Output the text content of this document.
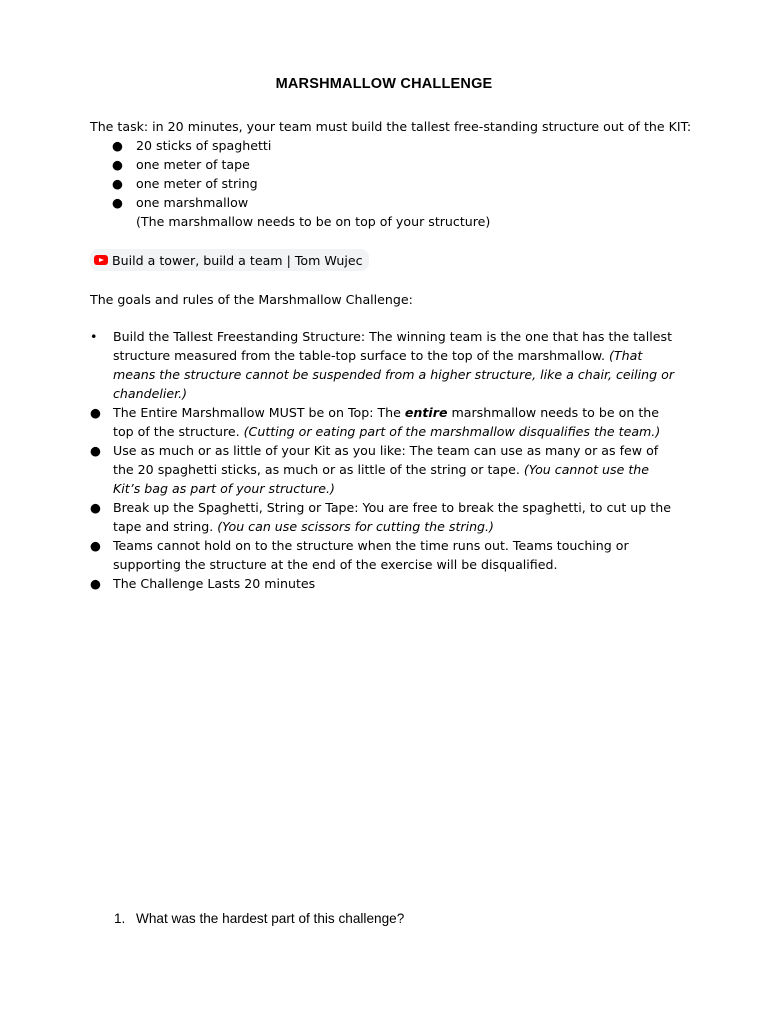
MARSHMALLOW CHALLENGE
The task: in 20 minutes, your team must build the tallest free-standing structure out of the KIT:
● 20 sticks of spaghetti
● one meter of tape
● one meter of string
● one marshmallow
(The marshmallow needs to be on top of your structure)
Build a tower, build a team | Tom Wujec
The goals and rules of the Marshmallow Challenge:
• Build the Tallest Freestanding Structure: The winning team is the one that has the tallest structure measured from the table-top surface to the top of the marshmallow. (That means the structure cannot be suspended from a higher structure, like a chair, ceiling or chandelier.)
● The Entire Marshmallow MUST be on Top: The entire marshmallow needs to be on the top of the structure. (Cutting or eating part of the marshmallow disqualifies the team.)
● Use as much or as little of your Kit as you like: The team can use as many or as few of the 20 spaghetti sticks, as much or as little of the string or tape. (You cannot use the Kit’s bag as part of your structure.)
● Break up the Spaghetti, String or Tape: You are free to break the spaghetti, to cut up the tape and string. (You can use scissors for cutting the string.)
● Teams cannot hold on to the structure when the time runs out. Teams touching or supporting the structure at the end of the exercise will be disqualified.
● The Challenge Lasts 20 minutes
1. What was the hardest part of this challenge?
